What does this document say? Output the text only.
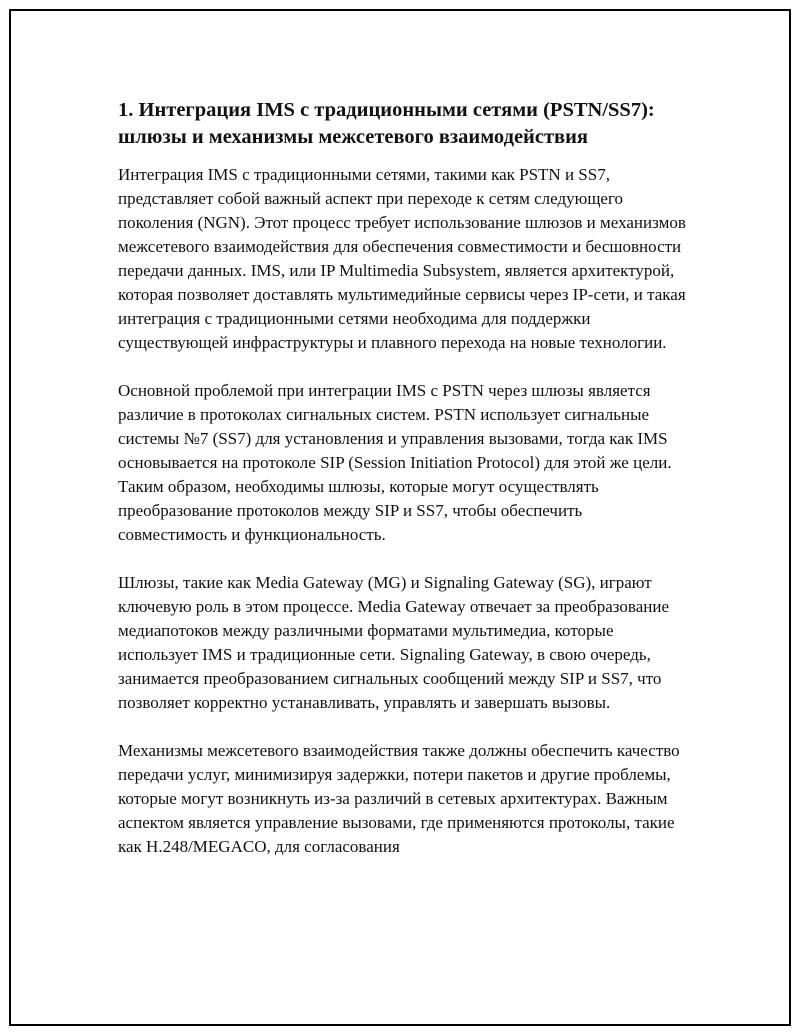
1. Интеграция IMS с традиционными сетями (PSTN/SS7): шлюзы и механизмы межсетевого взаимодействия

Интеграция IMS с традиционными сетями, такими как PSTN и SS7, представляет собой важный аспект при переходе к сетям следующего поколения (NGN). Этот процесс требует использование шлюзов и механизмов межсетевого взаимодействия для обеспечения совместимости и бесшовности передачи данных. IMS, или IP Multimedia Subsystem, является архитектурой, которая позволяет доставлять мультимедийные сервисы через IP-сети, и такая интеграция с традиционными сетями необходима для поддержки существующей инфраструктуры и плавного перехода на новые технологии.

Основной проблемой при интеграции IMS с PSTN через шлюзы является различие в протоколах сигнальных систем. PSTN использует сигнальные системы №7 (SS7) для установления и управления вызовами, тогда как IMS основывается на протоколе SIP (Session Initiation Protocol) для этой же цели. Таким образом, необходимы шлюзы, которые могут осуществлять преобразование протоколов между SIP и SS7, чтобы обеспечить совместимость и функциональность.

Шлюзы, такие как Media Gateway (MG) и Signaling Gateway (SG), играют ключевую роль в этом процессе. Media Gateway отвечает за преобразование медиапотоков между различными форматами мультимедиа, которые использует IMS и традиционные сети. Signaling Gateway, в свою очередь, занимается преобразованием сигнальных сообщений между SIP и SS7, что позволяет корректно устанавливать, управлять и завершать вызовы.

Механизмы межсетевого взаимодействия также должны обеспечить качество передачи услуг, минимизируя задержки, потери пакетов и другие проблемы, которые могут возникнуть из-за различий в сетевых архитектурах. Важным аспектом является управление вызовами, где применяются протоколы, такие как H.248/MEGACO, для согласования
